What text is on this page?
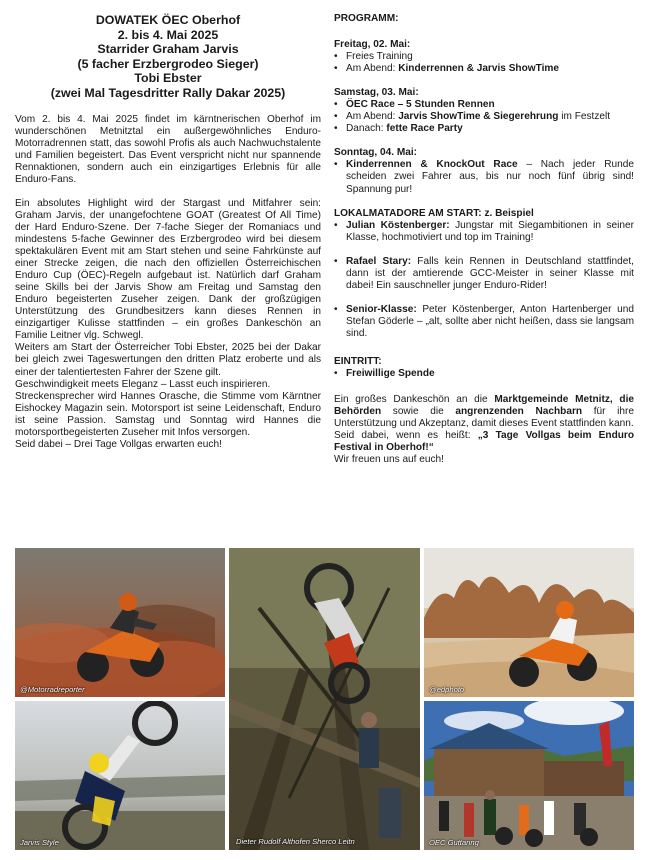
DOWATEK ÖEC Oberhof
2. bis 4. Mai 2025
Starrider Graham Jarvis
(5 facher Erzbergrodeo Sieger)
Tobi Ebster
(zwei Mal Tagesdritter Rally Dakar 2025)

Vom 2. bis 4. Mai 2025 findet im kärntnerischen Oberhof im wunderschönen Metnitztal ein außergewöhnliches Enduro-Motorradrennen statt, das sowohl Profis als auch Nachwuchstalente und Familien begeistert. Das Event verspricht nicht nur spannende Rennaktionen, sondern auch ein einzigartiges Erlebnis für alle Enduro-Fans.

Ein absolutes Highlight wird der Stargast und Mitfahrer sein: Graham Jarvis, der unangefochtene GOAT (Greatest Of All Time) der Hard Enduro-Szene. Der 7-fache Sieger der Romaniacs und mindestens 5-fache Gewinner des Erzbergrodeo wird bei diesem spektakulären Event mit am Start stehen und seine Fahrkünste auf einer Strecke zeigen, die nach den offiziellen Österreichischen Enduro Cup (ÖEC)-Regeln aufgebaut ist. Natürlich darf Graham seine Skills bei der Jarvis Show am Freitag und Samstag den Enduro begeisterten Zuseher zeigen. Dank der großzügigen Unterstützung des Grundbesitzers kann dieses Rennen in einzigartiger Kulisse stattfinden – ein großes Dankeschön an Familie Leitner vlg. Schwegl.

Weiters am Start der Österreicher Tobi Ebster, 2025 bei der Dakar bei gleich zwei Tageswertungen den dritten Platz eroberte und als einer der talentiertesten Fahrer der Szene gilt.

Geschwindigkeit meets Eleganz – Lasst euch inspirieren.

Streckensprecher wird Hannes Orasche, die Stimme vom Kärntner Eishockey Magazin sein. Motorsport ist seine Leidenschaft, Enduro ist seine Passion. Samstag und Sonntag wird Hannes die motorsportbegeisterten Zuseher mit Infos versorgen.

Seid dabei – Drei Tage Vollgas erwarten euch!

PROGRAMM:

Freitag, 02. Mai:

• Freies Training
• Am Abend: Kinderrennen & Jarvis ShowTime

Samstag, 03. Mai:

• ÖEC Race – 5 Stunden Rennen
• Am Abend: Jarvis ShowTime & Siegerehrung im Festzelt
• Danach: fette Race Party

Sonntag, 04. Mai:

• Kinderrennen & KnockOut Race – Nach jeder Runde scheiden zwei Fahrer aus, bis nur noch fünf übrig sind! Spannung pur!

LOKALMATADORE AM START: z. Beispiel

• Julian Köstenberger: Jungstar mit Siegambitionen in seiner Klasse, hochmotiviert und top im Training!
• Rafael Stary: Falls kein Rennen in Deutschland stattfindet, dann ist der amtierende GCC-Meister in seiner Klasse mit dabei! Ein sauschneller junger Enduro-Rider!
• Senior-Klasse: Peter Köstenberger, Anton Hartenberger und Stefan Göderle – „alt, sollte aber nicht heißen, dass sie langsam sind.

EINTRITT:

• Freiwillige Spende

Ein großes Dankeschön an die Marktgemeinde Metnitz, die Behörden sowie die angrenzenden Nachbarn für ihre Unterstützung und Akzeptanz, damit dieses Event stattfinden kann.

Seid dabei, wenn es heißt: „3 Tage Vollgas beim Enduro Festival in Oberhof!“

Wir freuen uns auf euch!

@Motorradreporter	@edphoto
Jarvis Style	OEC Guttaring
Dieter Rudolf Althofen Sherco Leitn
